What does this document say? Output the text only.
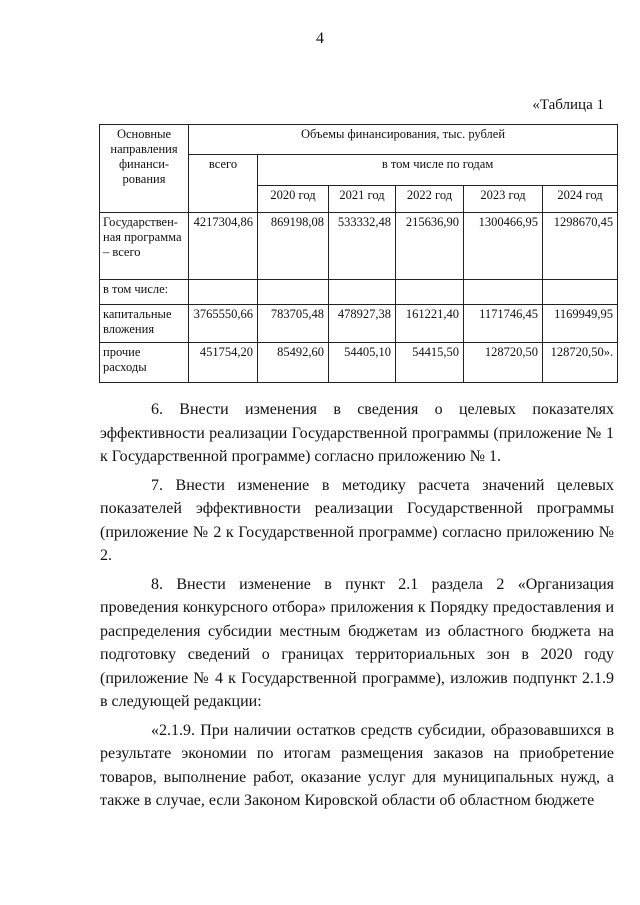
4
«Таблица 1
Основные направления финанси-рования	Объемы финансирования, тыс. рублей					
	всего	в том числе по годам				
		2020 год	2021 год	2022 год	2023 год	2024 год
Государствен-ная программа – всего	4217304,86	869198,08	533332,48	215636,90	1300466,95	1298670,45
в том числе:						
капитальные вложения	3765550,66	783705,48	478927,38	161221,40	1171746,45	1169949,95
прочие расходы	451754,20	85492,60	54405,10	54415,50	128720,50	128720,50».

6. Внести изменения в сведения о целевых показателях эффективности реализации Государственной программы (приложение № 1 к Государственной программе) согласно приложению № 1.

7. Внести изменение в методику расчета значений целевых показателей эффективности реализации Государственной программы (приложение № 2 к Государственной программе) согласно приложению № 2.

8. Внести изменение в пункт 2.1 раздела 2 «Организация проведения конкурсного отбора» приложения к Порядку предоставления и распределения субсидии местным бюджетам из областного бюджета на подготовку сведений о границах территориальных зон в 2020 году (приложение № 4 к Государственной программе), изложив подпункт 2.1.9 в следующей редакции:

«2.1.9. При наличии остатков средств субсидии, образовавшихся в результате экономии по итогам размещения заказов на приобретение товаров, выполнение работ, оказание услуг для муниципальных нужд, а также в случае, если Законом Кировской области об областном бюджете
